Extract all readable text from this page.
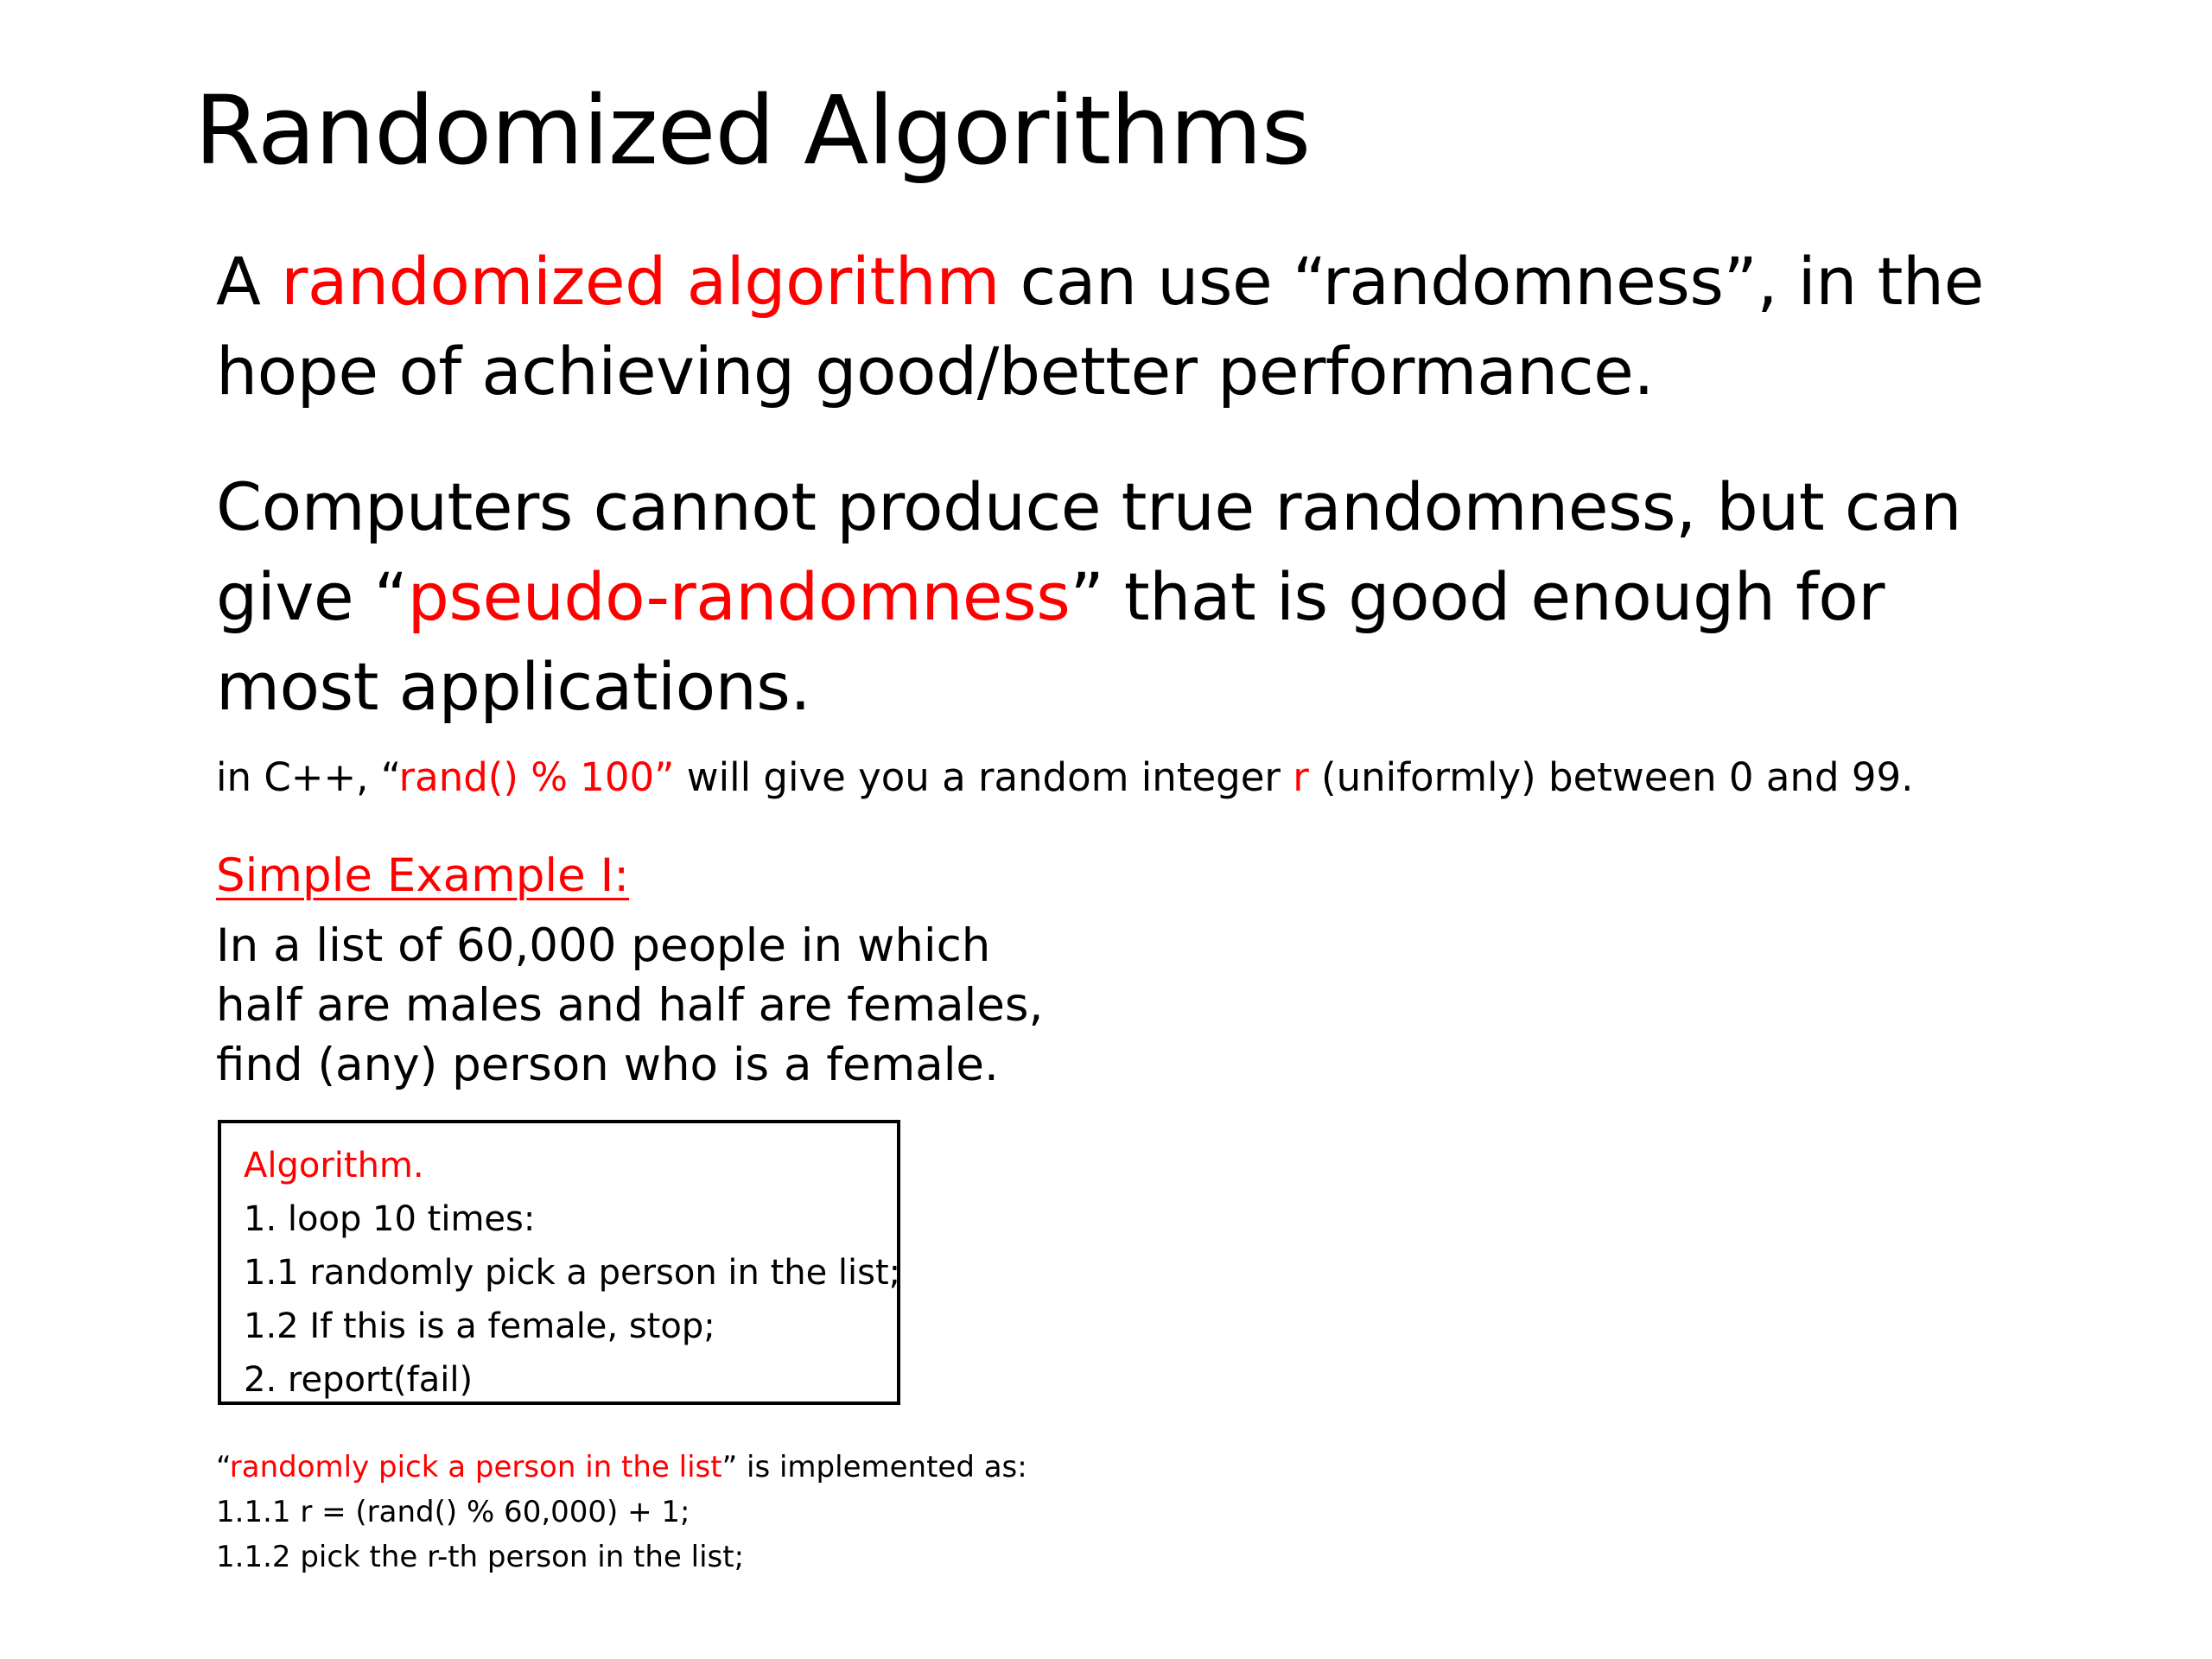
Randomized Algorithms
A randomized algorithm can use “randomness”, in the
hope of achieving good/better performance.
Computers cannot produce true randomness, but can
give “pseudo-randomness” that is good enough for
most applications.
in C++, “rand() % 100” will give you a random integer r (uniformly) between 0 and 99.
Simple Example I:
In a list of 60,000 people in which
half are males and half are females,
find (any) person who is a female.

Algorithm.

1. loop 10 times:

1.1 randomly pick a person in the list;

1.2 If this is a female, stop;

2. report(fail)

“randomly pick a person in the list” is implemented as:
1.1.1 r = (rand() % 60,000) + 1;
1.1.2 pick the r-th person in the list;
